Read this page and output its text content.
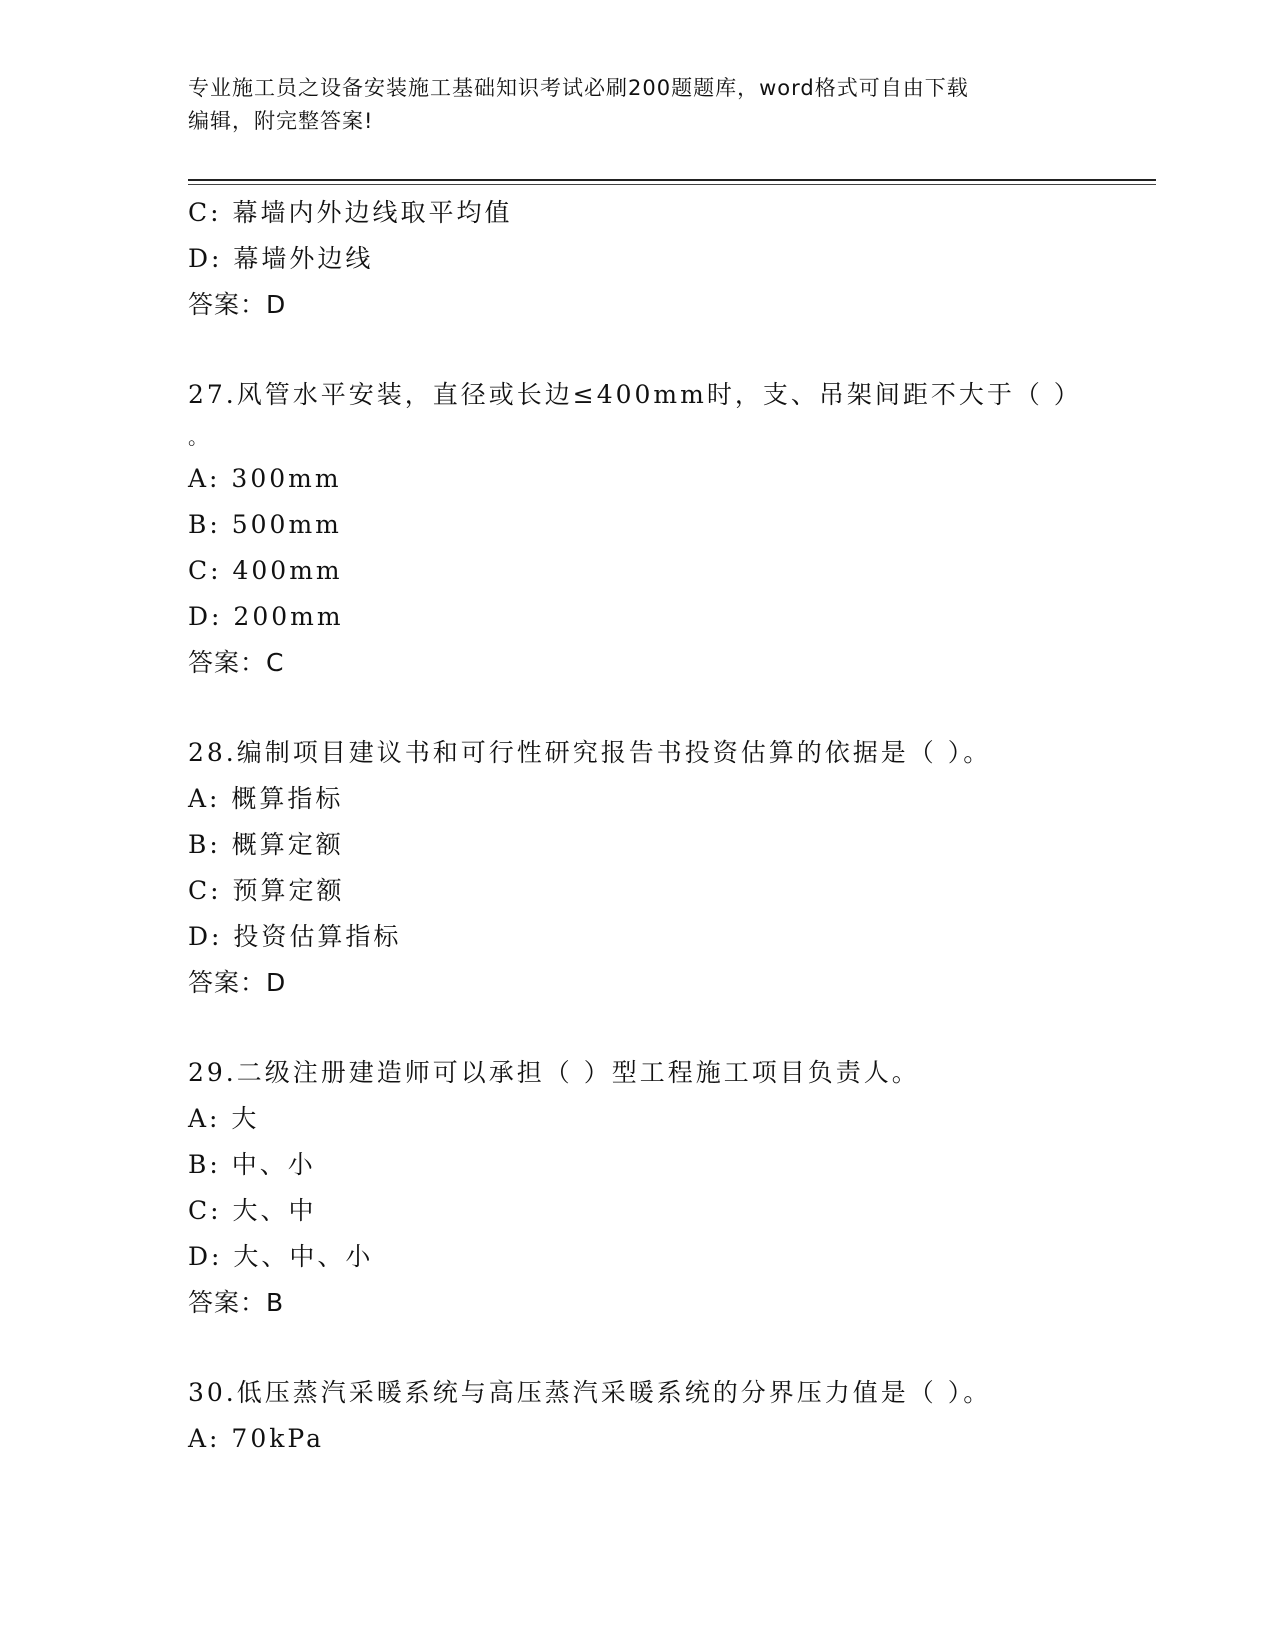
专业施工员之设备安装施工基础知识考试必刷200题题库，word格式可自由下载
编辑，附完整答案!
C: 幕墙内外边线取平均值
D: 幕墙外边线
答案：D
27.风管水平安装，直径或长边≤400mm时，支、吊架间距不大于（ ）
。
A: 300mm
B: 500mm
C: 400mm
D: 200mm
答案：C
28.编制项目建议书和可行性研究报告书投资估算的依据是（ ）。
A: 概算指标
B: 概算定额
C: 预算定额
D: 投资估算指标
答案：D
29.二级注册建造师可以承担（ ）型工程施工项目负责人。
A: 大
B: 中、小
C: 大、中
D: 大、中、小
答案：B
30.低压蒸汽采暖系统与高压蒸汽采暖系统的分界压力值是（ ）。
A: 70kPa
